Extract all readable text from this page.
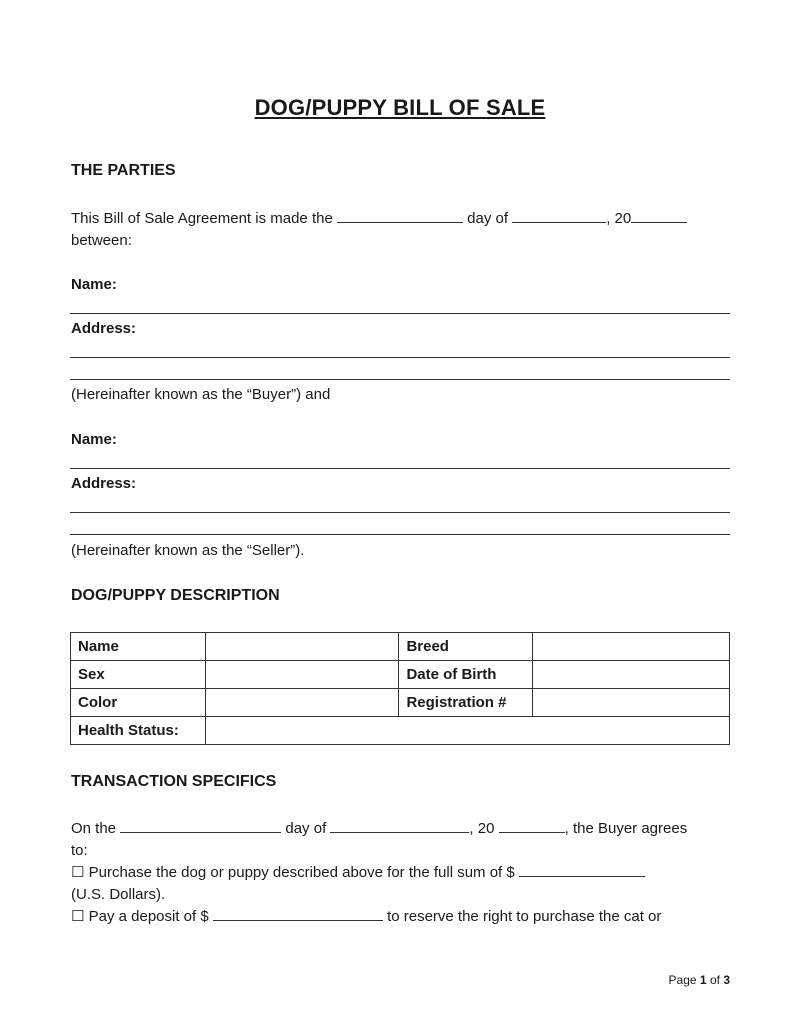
DOG/PUPPY BILL OF SALE
THE PARTIES
This Bill of Sale Agreement is made the	day of	, 20
between:
Name:
Address:
(Hereinafter known as the “Buyer”) and
Name:
Address:
(Hereinafter known as the “Seller”).
DOG/PUPPY DESCRIPTION
Name		Breed	
Sex		Date of Birth	
Color		Registration #	
Health Status:			
TRANSACTION SPECIFICS
On the	day of	, 20	, the Buyer agrees
to:
☐ Purchase the dog or puppy described above for the full sum of $
(U.S. Dollars).
☐ Pay a deposit of $	to reserve the right to purchase the cat or
Page 1 of 3
